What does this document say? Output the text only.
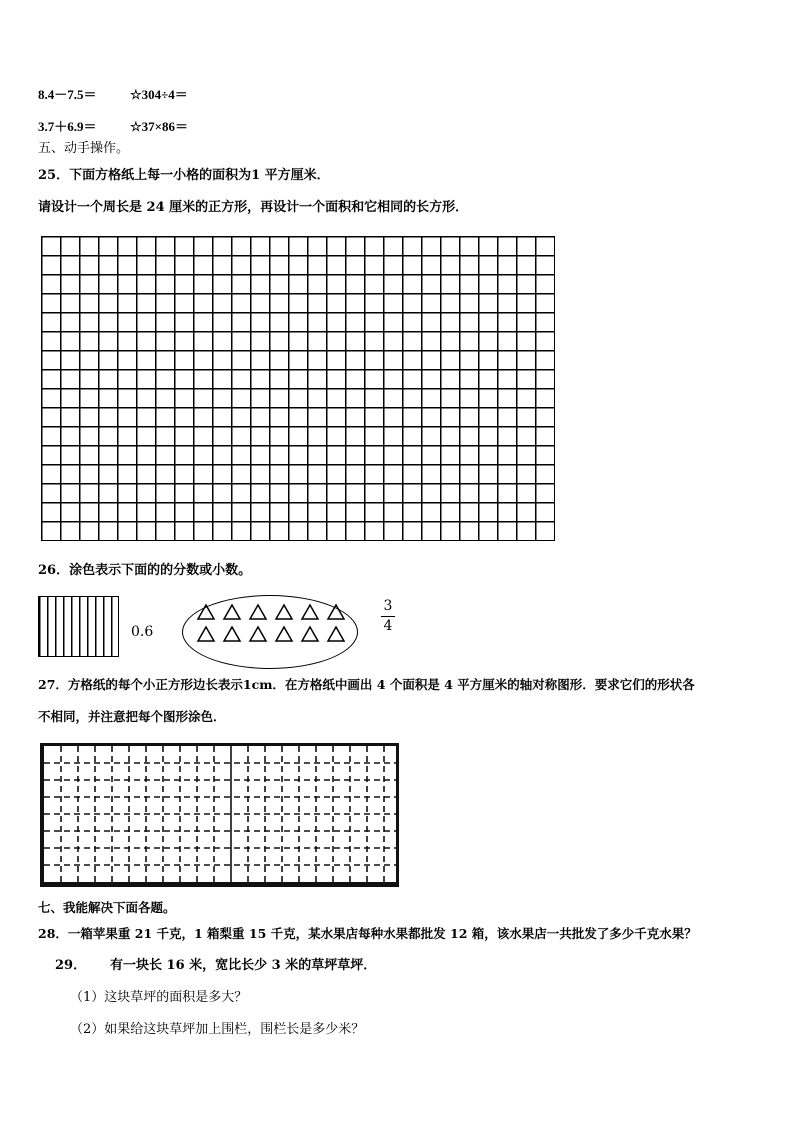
8.4－7.5＝	☆304÷4＝
3.7＋6.9＝	☆37×86＝
五、动手操作。
25．下面方格纸上每一小格的面积为1 平方厘米．
请设计一个周长是 24 厘米的正方形，再设计一个面积和它相同的长方形．
26．涂色表示下面的的分数或小数。
0.6
3
4
27．方格纸的每个小正方形边长表示1cm．在方格纸中画出 4 个面积是 4 平方厘米的轴对称图形．要求它们的形状各
不相同，并注意把每个图形涂色．
七、我能解决下面各题。
28．一箱苹果重 21 千克，1 箱梨重 15 千克，某水果店每种水果都批发 12 箱，该水果店一共批发了多少千克水果？
29． 有一块长 16 米，宽比长少 3 米的草坪草坪．
（1）这块草坪的面积是多大？
（2）如果给这块草坪加上围栏，围栏长是多少米？
